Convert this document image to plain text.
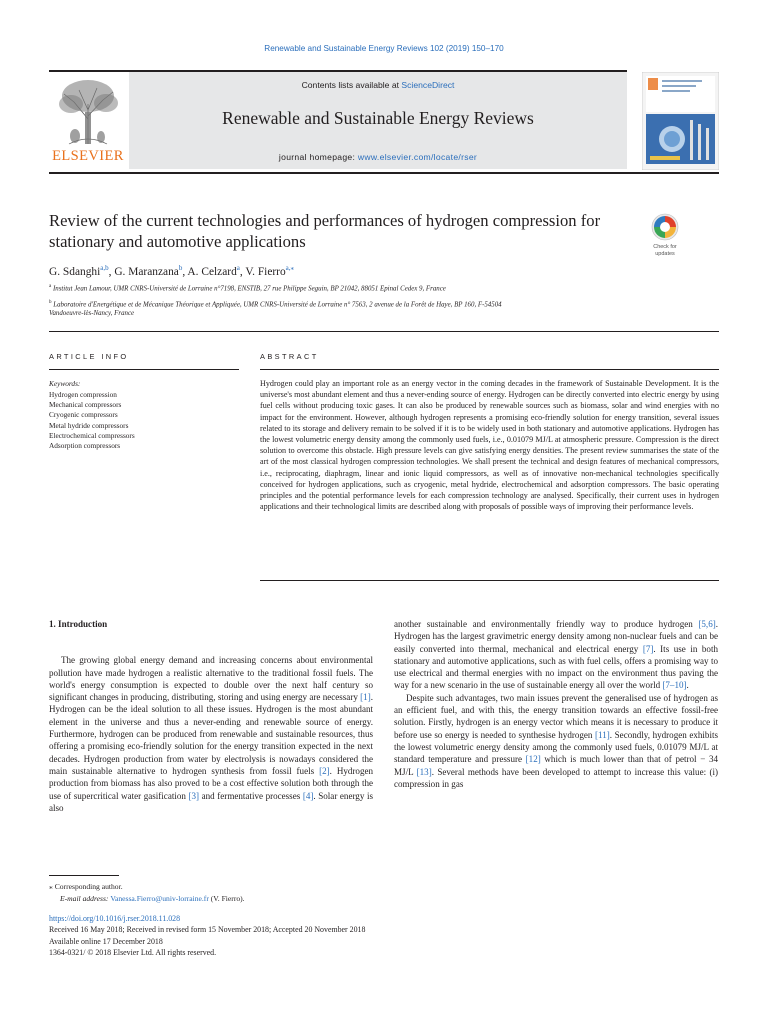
Renewable and Sustainable Energy Reviews 102 (2019) 150–170
ELSEVIER
Contents lists available at ScienceDirect
Renewable and Sustainable Energy Reviews
journal homepage: www.elsevier.com/locate/rser
Review of the current technologies and performances of hydrogen compression for stationary and automotive applications	Check for
updates
G. Sdanghi$^{a,b}$, G. Maranzana$^b$, A. Celzard$^a$, V. Fierro$^{a,⁎}$
$^a$ Institut Jean Lamour, UMR CNRS-Université de Lorraine n°7198, ENSTIB, 27 rue Philippe Seguin, BP 21042, 88051 Epinal Cedex 9, France
$^b$ Laboratoire d'Energétique et de Mécanique Théorique et Appliquée, UMR CNRS-Université de Lorraine n° 7563, 2 avenue de la Forêt de Haye, BP 160, F-54504
Vandoeuvre-lès-Nancy, France
ARTICLE INFO	ABSTRACT
Keywords:
Hydrogen compression
Mechanical compressors
Cryogenic compressors
Metal hydride compressors
Electrochemical compressors
Adsorption compressors

Hydrogen could play an important role as an energy vector in the coming decades in the framework of Sustainable Development. It is the universe's most abundant element and thus a never-ending source of energy. Hydrogen can be directly converted into electric energy by using fuel cells without producing toxic gases. It can also be produced by renewable sources such as biomass, solar and wind energies with no impact for the environment. However, although hydrogen represents a promising eco-friendly solution for energy transition, several issues related to its storage and delivery remain to be solved if it is to be widely used in both stationary and automotive applications. Hydrogen has the lowest volumetric energy density among the commonly used fuels, i.e., 0.01079 MJ/L at atmospheric pressure. Compression is the direct solution to overcome this obstacle. High pressure levels can give satisfying energy densities. The present review summarises the state of the art of the most classical hydrogen compression technologies. We shall present the technical and design features of mechanical compressors, i.e., reciprocating, diaphragm, linear and ionic liquid compressors, as well as of innovative non-mechanical technologies specifically conceived for hydrogen applications, such as cryogenic, metal hydride, electrochemical and adsorption compressors. The basic operating principles and the potential performance levels for each compression technology are analysed. Specifically, their current uses in hydrogen applications and their technological limits are described along with proposals of possible ways of improving their performance levels.

1. Introduction

The growing global energy demand and increasing concerns about environmental pollution have made hydrogen a realistic alternative to the traditional fossil fuels. The world's energy consumption is expected to double over the next half century so significant changes in producing, distributing, storing and using energy are necessary [1]. Hydrogen can be the ideal solution to all these issues. Hydrogen is the most abundant element in the universe and thus a never-ending and renewable source of energy. Furthermore, hydrogen can be produced from renewable and sustainable resources, thus offering a promising eco-friendly solution for the energy transition expected in the next decades. Hydrogen production from water by electrolysis is nowadays considered the main sustainable alternative to hydrogen synthesis from fossil fuels [2]. Hydrogen production from biomass has also proved to be a cost effective solution both through the use of supercritical water gasification [3] and fermentative processes [4]. Solar energy is also

another sustainable and environmentally friendly way to produce hydrogen [5,6]. Hydrogen has the largest gravimetric energy density among non-nuclear fuels and can be easily converted into thermal, mechanical and electrical energy [7]. Its use in both stationary and automotive applications, such as with fuel cells, offers a promising way to use electrical and thermal energies with no impact on the environment thus paving the way for a new scenario in the use of sustainable energy all over the world [7–10].

Despite such advantages, two main issues prevent the generalised use of hydrogen as an efficient fuel, and with this, the energy transition towards an effective fossil-free solution. Firstly, hydrogen is an energy vector which means it is necessary to produce it before use so energy is needed to synthesise hydrogen [11]. Secondly, hydrogen exhibits the lowest volumetric energy density among the commonly used fuels, 0.01079 MJ/L at standard temperature and pressure [12] which is much lower than that of petrol − 34 MJ/L [13]. Several methods have been developed to attempt to increase this value: (i) compression in gas

⁎ Corresponding author.
E-mail address: Vanessa.Fierro@univ-lorraine.fr (V. Fierro).
https://doi.org/10.1016/j.rser.2018.11.028
Received 16 May 2018; Received in revised form 15 November 2018; Accepted 20 November 2018
Available online 17 December 2018
1364-0321/ © 2018 Elsevier Ltd. All rights reserved.
